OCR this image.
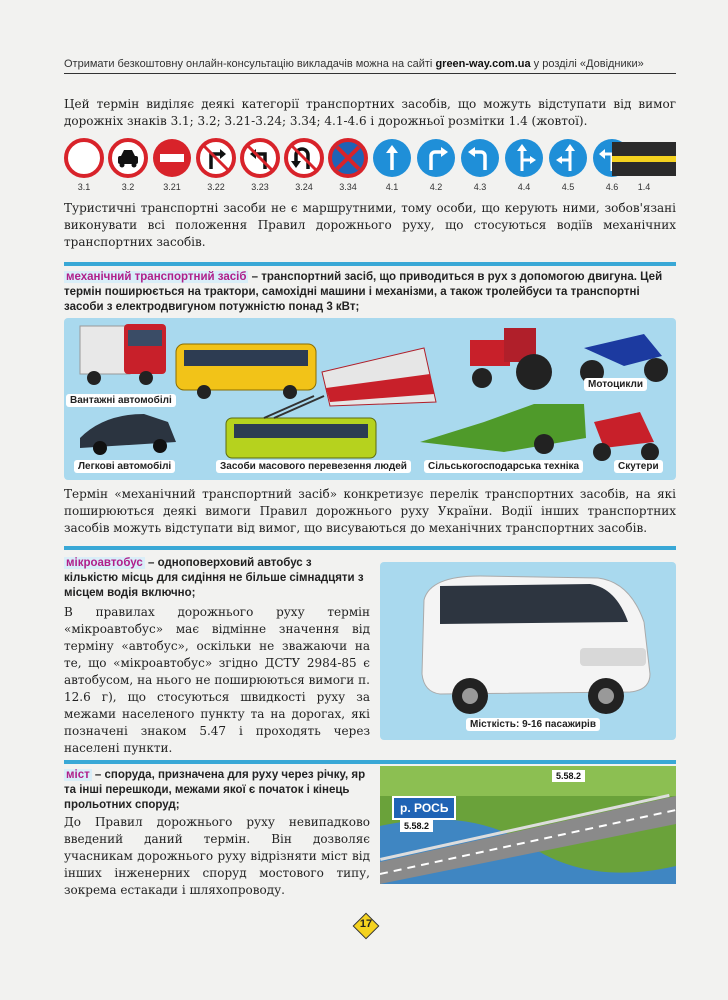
Отримати безкоштовну онлайн-консультацію викладачів можна на сайті green-way.com.ua у розділі «Довідники»

Цей термін виділяє деякі категорії транспортних засобів, що можуть відступати від вимог дорожніх знаків 3.1; 3.2; 3.21-3.24; 3.34; 4.1-4.6 і дорожньої розмітки 1.4 (жовтої).

3.1	3.2	3.21	3.22	3.23	3.24	3.34	4.1	4.2	4.3	4.4	4.5	4.6	1.4

Туристичні транспортні засоби не є маршрутними, тому особи, що керують ними, зобов'язані виконувати всі положення Правил дорожнього руху, що стосуються водіїв механічних транспортних засобів.

механічний транспортний засіб – транспортний засіб, що приводиться в рух з допомогою двигуна. Цей термін поширюється на трактори, самохідні машини і механізми, а також тролейбуси та транспортні засоби з електродвигуном потужністю понад 3 кВт;

Вантажні автомобілі
Мотоцикли
Легкові автомобілі	Засоби масового перевезення людей	Сільськогосподарська техніка	Скутери

Термін «механічний транспортний засіб» конкретизує перелік транспортних засобів, на які поширюються деякі вимоги Правил дорожнього руху України. Водії інших транспортних засобів можуть відступати від вимог, що висуваються до механічних транспортних засобів.

мікроавтобус – одноповерховий автобус з кількістю місць для сидіння не більше сімнадцяти з місцем водія включно;

В правилах дорожнього руху термін «мікроавтобус» має відмінне значення від терміну «автобус», оскільки не зважаючи на те, що «мікроавтобус» згідно ДСТУ 2984-85 є автобусом, на нього не поширюються вимоги п. 12.6 г), що стосуються швидкості руху за межами населеного пункту та на дорогах, які позначені знаком 5.47 і проходять через населені пункти.

Місткість: 9-16 пасажирів

міст – споруда, призначена для руху через річку, яр та інші перешкоди, межами якої є початок і кінець прольотних споруд;

До Правил дорожнього руху невипадково введений даний термін. Він дозволяє учасникам дорожнього руху відрізняти міст від інших інженерних споруд мостового типу, зокрема естакади і шляхопроводу.

р. РОСЬ
5.58.2
5.58.2
17
